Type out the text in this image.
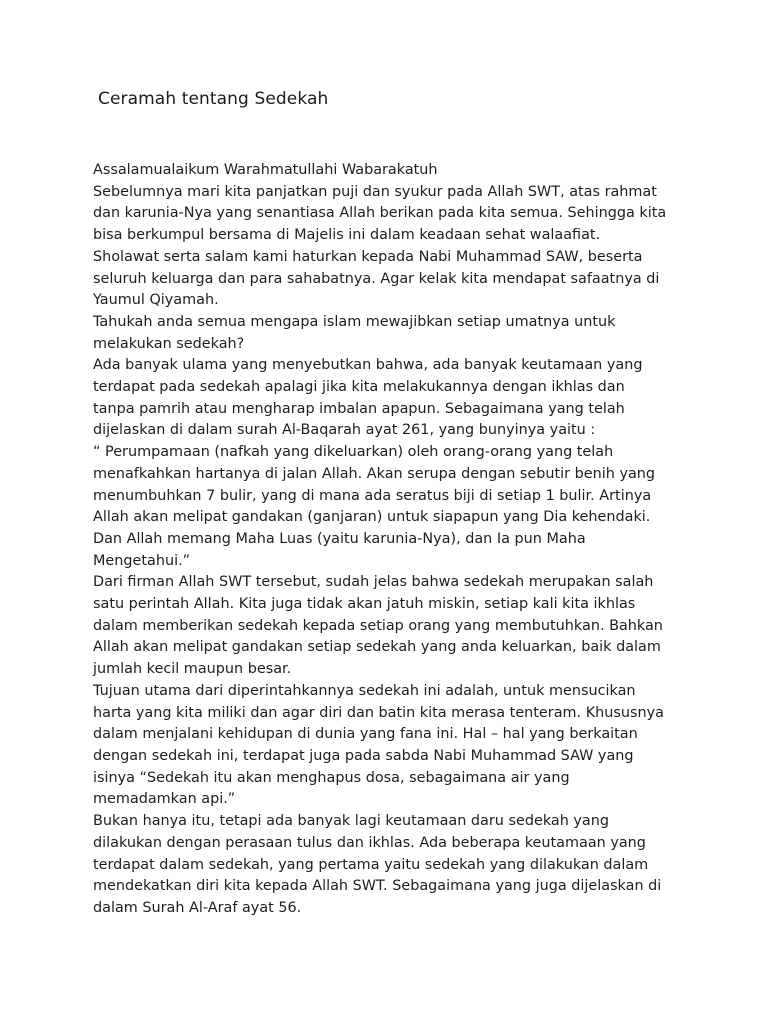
Ceramah tentang Sedekah

Assalamualaikum Warahmatullahi Wabarakatuh

Sebelumnya mari kita panjatkan puji dan syukur pada Allah SWT, atas rahmat
dan karunia-Nya yang senantiasa Allah berikan pada kita semua. Sehingga kita
bisa berkumpul bersama di Majelis ini dalam keadaan sehat walaafiat.

Sholawat serta salam kami haturkan kepada Nabi Muhammad SAW, beserta
seluruh keluarga dan para sahabatnya. Agar kelak kita mendapat safaatnya di
Yaumul Qiyamah.

Tahukah anda semua mengapa islam mewajibkan setiap umatnya untuk
melakukan sedekah?

Ada banyak ulama yang menyebutkan bahwa, ada banyak keutamaan yang
terdapat pada sedekah apalagi jika kita melakukannya dengan ikhlas dan
tanpa pamrih atau mengharap imbalan apapun. Sebagaimana yang telah
dijelaskan di dalam surah Al-Baqarah ayat 261, yang bunyinya yaitu :

“ Perumpamaan (nafkah yang dikeluarkan) oleh orang-orang yang telah
menafkahkan hartanya di jalan Allah. Akan serupa dengan sebutir benih yang
menumbuhkan 7 bulir, yang di mana ada seratus biji di setiap 1 bulir. Artinya
Allah akan melipat gandakan (ganjaran) untuk siapapun yang Dia kehendaki.
Dan Allah memang Maha Luas (yaitu karunia-Nya), dan Ia pun Maha
Mengetahui.”

Dari firman Allah SWT tersebut, sudah jelas bahwa sedekah merupakan salah
satu perintah Allah. Kita juga tidak akan jatuh miskin, setiap kali kita ikhlas
dalam memberikan sedekah kepada setiap orang yang membutuhkan. Bahkan
Allah akan melipat gandakan setiap sedekah yang anda keluarkan, baik dalam
jumlah kecil maupun besar.

Tujuan utama dari diperintahkannya sedekah ini adalah, untuk mensucikan
harta yang kita miliki dan agar diri dan batin kita merasa tenteram. Khususnya
dalam menjalani kehidupan di dunia yang fana ini. Hal – hal yang berkaitan
dengan sedekah ini, terdapat juga pada sabda Nabi Muhammad SAW yang
isinya “Sedekah itu akan menghapus dosa, sebagaimana air yang
memadamkan api.”

Bukan hanya itu, tetapi ada banyak lagi keutamaan daru sedekah yang
dilakukan dengan perasaan tulus dan ikhlas. Ada beberapa keutamaan yang
terdapat dalam sedekah, yang pertama yaitu sedekah yang dilakukan dalam
mendekatkan diri kita kepada Allah SWT. Sebagaimana yang juga dijelaskan di
dalam Surah Al-Araf ayat 56.
